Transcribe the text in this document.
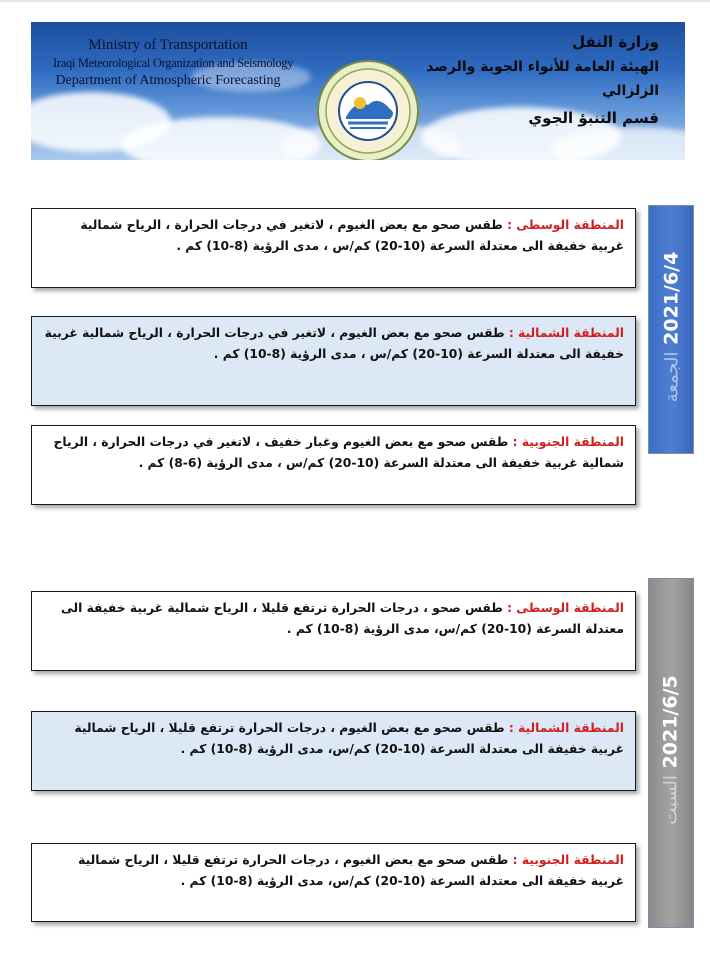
Ministry of Transportation
Iraqi Meteorological Organization and Seismology
Department of Atmospheric Forecasting
وزارة النقل
الهيئة العامة للأنواء الجوية والرصد الزلزالي
قسم التنبؤ الجوي
2021/6/4 الجمعة
المنطقة الوسطى : طقس صحو مع بعض الغيوم ، لاتغير في درجات الحرارة ، الرياح شمالية غربية خفيفة الى معتدلة السرعة (10-20) كم/س ، مدى الرؤية (8-10) كم .
المنطقة الشمالية : طقس صحو مع بعض الغيوم ، لاتغير في درجات الحرارة ، الرياح شمالية غربية خفيفة الى معتدلة السرعة (10-20) كم/س ، مدى الرؤية (8-10) كم .
المنطقة الجنوبية : طقس صحو مع بعض الغيوم وغبار خفيف ، لاتغير في درجات الحرارة ، الرياح شمالية غربية خفيفة الى معتدلة السرعة (10-20) كم/س ، مدى الرؤية (6-8) كم .
2021/6/5 السبت
المنطقة الوسطى : طقس صحو ، درجات الحرارة ترتفع قليلا ، الرياح شمالية غربية خفيفة الى معتدلة السرعة (10-20) كم/س، مدى الرؤية (8-10) كم .
المنطقة الشمالية : طقس صحو مع بعض الغيوم ، درجات الحرارة ترتفع قليلا ، الرياح شمالية غربية خفيفة الى معتدلة السرعة (10-20) كم/س، مدى الرؤية (8-10) كم .
المنطقة الجنوبية : طقس صحو مع بعض الغيوم ، درجات الحرارة ترتفع قليلا ، الرياح شمالية غربية خفيفة الى معتدلة السرعة (10-20) كم/س، مدى الرؤية (8-10) كم .
